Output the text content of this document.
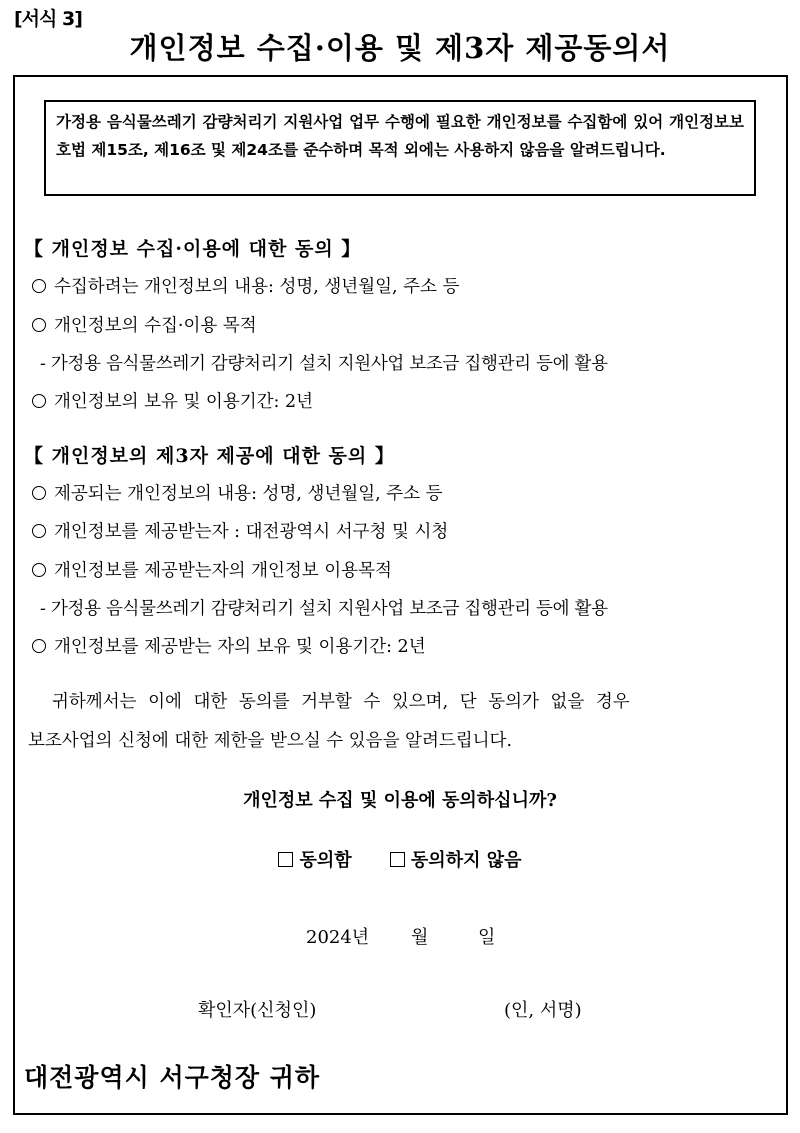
[서식 3]
개인정보 수집·이용 및 제3자 제공동의서
가정용 음식물쓰레기 감량처리기 지원사업 업무 수행에 필요한 개인정보를 수집함에 있어 개인정보보호법 제15조, 제16조 및 제24조를 준수하며 목적 외에는 사용하지 않음을 알려드립니다.
【 개인정보 수집·이용에 대한 동의 】
수집하려는 개인정보의 내용: 성명, 생년월일, 주소 등
개인정보의 수집·이용 목적
- 가정용 음식물쓰레기 감량처리기 설치 지원사업 보조금 집행관리 등에 활용
개인정보의 보유 및 이용기간: 2년
【 개인정보의 제3자 제공에 대한 동의 】
제공되는 개인정보의 내용: 성명, 생년월일, 주소 등
개인정보를 제공받는자 : 대전광역시 서구청 및 시청
개인정보를 제공받는자의 개인정보 이용목적
- 가정용 음식물쓰레기 감량처리기 설치 지원사업 보조금 집행관리 등에 활용
개인정보를 제공받는 자의 보유 및 이용기간: 2년
귀하께서는 이에 대한 동의를 거부할 수 있으며, 단 동의가 없을 경우
보조사업의 신청에 대한 제한을 받으실 수 있음을 알려드립니다.
개인정보 수집 및 이용에 동의하십니까?
동의함	동의하지 않음
2024년 월	일
확인자(신청인)	(인, 서명)
대전광역시 서구청장 귀하
